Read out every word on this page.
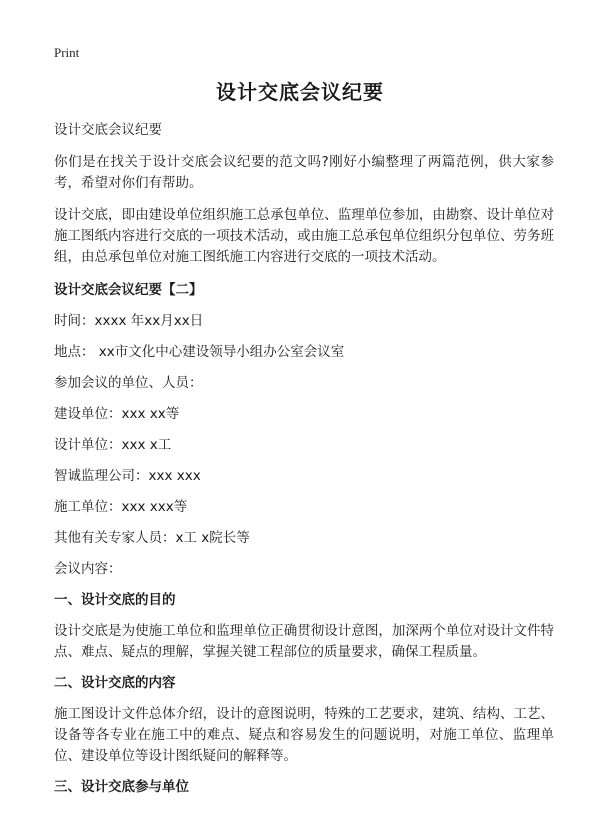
Print
设计交底会议纪要

设计交底会议纪要

你们是在找关于设计交底会议纪要的范文吗?刚好小编整理了两篇范例，供大家参考，希望对你们有帮助。

设计交底，即由建设单位组织施工总承包单位、监理单位参加，由勘察、设计单位对施工图纸内容进行交底的一项技术活动，或由施工总承包单位组织分包单位、劳务班组，由总承包单位对施工图纸施工内容进行交底的一项技术活动。

设计交底会议纪要【二】

时间：xxxx 年xx月xx日

地点： xx市文化中心建设领导小组办公室会议室

参加会议的单位、人员：

建设单位：xxx xx等

设计单位：xxx x工

智诚监理公司：xxx xxx

施工单位：xxx xxx等

其他有关专家人员：x工 x院长等

会议内容：

一、设计交底的目的

设计交底是为使施工单位和监理单位正确贯彻设计意图，加深两个单位对设计文件特点、难点、疑点的理解，掌握关键工程部位的质量要求，确保工程质量。

二、设计交底的内容

施工图设计文件总体介绍，设计的意图说明，特殊的工艺要求，建筑、结构、工艺、设备等各专业在施工中的难点、疑点和容易发生的问题说明，对施工单位、监理单位、建设单位等设计图纸疑问的解释等。

三、设计交底参与单位
